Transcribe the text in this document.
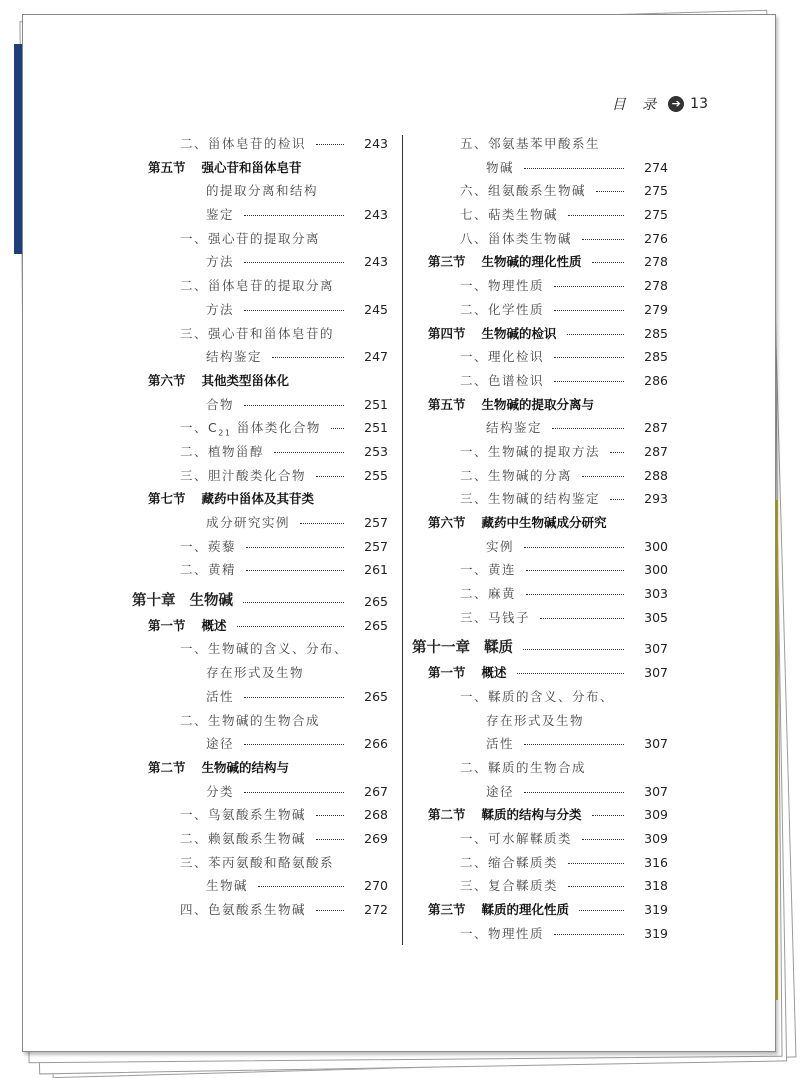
目 录 ➔ 13
二、甾体皂苷的检识	243
第五节 强心苷和甾体皂苷
的提取分离和结构
鉴定	243
一、强心苷的提取分离
方法	243
二、甾体皂苷的提取分离
方法	245
三、强心苷和甾体皂苷的
结构鉴定	247
第六节 其他类型甾体化
合物	251
一、$C_{21}$ 甾体类化合物	251
二、植物甾醇	253
三、胆汁酸类化合物	255
第七节 藏药中甾体及其苷类
成分研究实例	257
一、蒺藜	257
二、黄精	261
第十章 生物碱	265
第一节 概述	265
一、生物碱的含义、分布、
存在形式及生物
活性	265
二、生物碱的生物合成
途径	266
第二节 生物碱的结构与
分类	267
一、鸟氨酸系生物碱	268
二、赖氨酸系生物碱	269
三、苯丙氨酸和酪氨酸系
生物碱	270
四、色氨酸系生物碱	272
五、邻氨基苯甲酸系生
物碱	274
六、组氨酸系生物碱	275
七、萜类生物碱	275
八、甾体类生物碱	276
第三节 生物碱的理化性质	278
一、物理性质	278
二、化学性质	279
第四节 生物碱的检识	285
一、理化检识	285
二、色谱检识	286
第五节 生物碱的提取分离与
结构鉴定	287
一、生物碱的提取方法	287
二、生物碱的分离	288
三、生物碱的结构鉴定	293
第六节 藏药中生物碱成分研究
实例	300
一、黄连	300
二、麻黄	303
三、马钱子	305
第十一章 鞣质	307
第一节 概述	307
一、鞣质的含义、分布、
存在形式及生物
活性	307
二、鞣质的生物合成
途径	307
第二节 鞣质的结构与分类	309
一、可水解鞣质类	309
二、缩合鞣质类	316
三、复合鞣质类	318
第三节 鞣质的理化性质	319
一、物理性质	319
